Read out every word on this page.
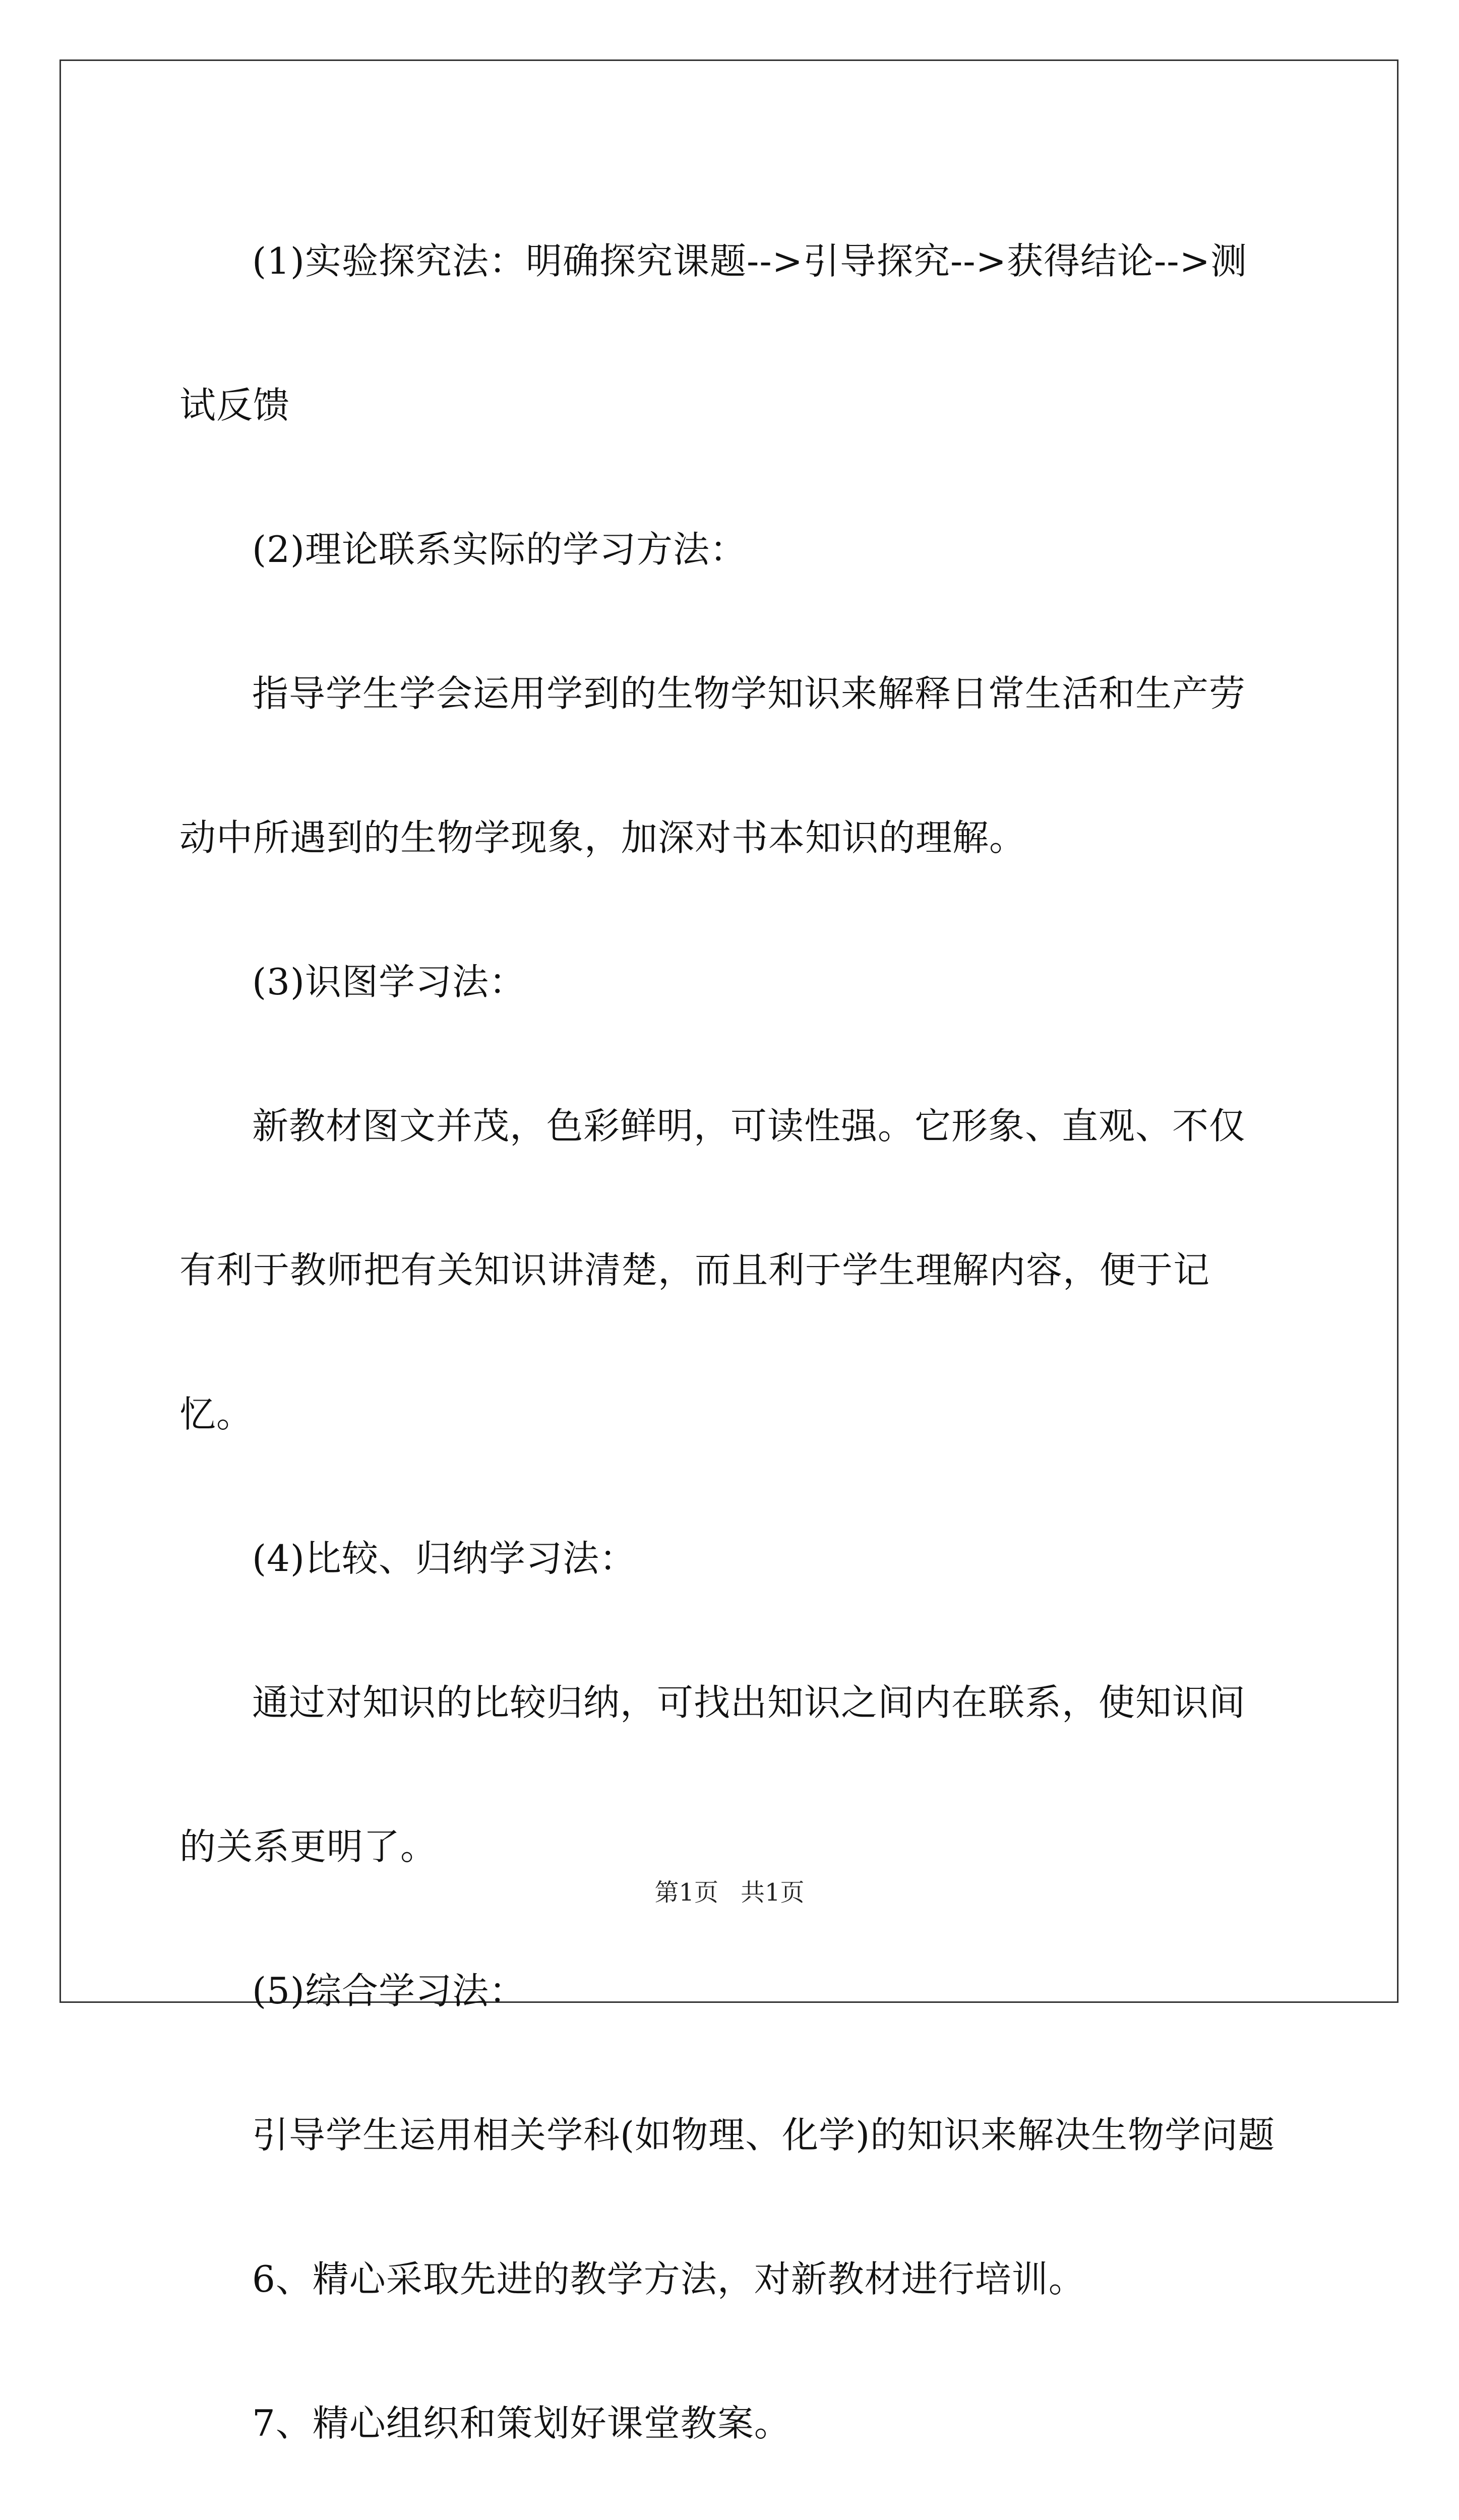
(1)实验探究法：明确探究课题-->引导探究-->获得结论-->测试反馈

(2)理论联系实际的学习方法：

指导学生学会运用学到的生物学知识来解释日常生活和生产劳动中所遇到的生物学现象，加深对书本知识的理解。

(3)识图学习法：

新教材图文并茂，色彩鲜明，可读性强。它形象、直观、不仅有利于教师把有关知识讲清楚，而且利于学生理解内容，便于记忆。

(4)比较、归纳学习法：

通过对知识的比较归纳，可找出知识之间内在联系，使知识间的关系更明了。

(5)综合学习法：

引导学生运用相关学科(如物理、化学)的知识来解决生物学问题

6、精心采取先进的教学方法，对新教材进行培训。

7、精心组织和策划好课堂教案。

第1页 共1页
